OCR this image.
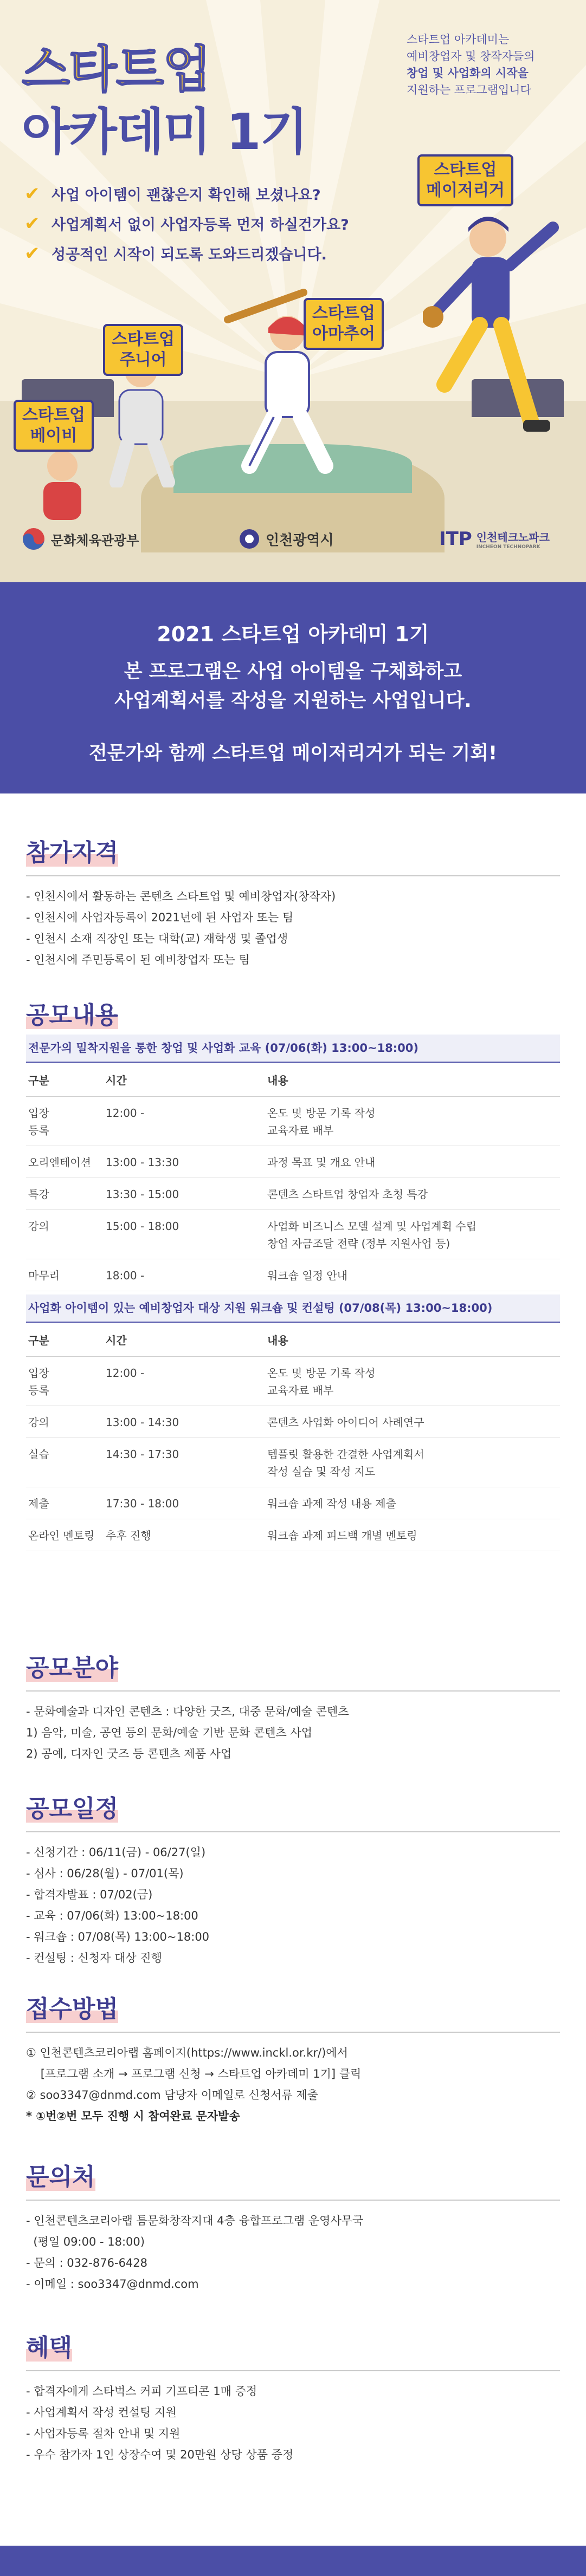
스타트업
아카데미 1기
스타트업 아카데미는
예비창업자 및 창작자들의
창업 및 사업화의 시작을
지원하는 프로그램입니다
✔ 사업 아이템이 괜찮은지 확인해 보셨나요?
✔ 사업계획서 없이 사업자등록 먼저 하실건가요?
✔ 성공적인 시작이 되도록 도와드리겠습니다.
스타트업
메이저리거
스타트업
아마추어
스타트업
주니어
스타트업
베이비
문화체육관광부	인천광역시	ITP 인천테크노파크
INCHEON TECHNOPARK
2021 스타트업 아카데미 1기
본 프로그램은 사업 아이템을 구체화하고
사업계획서를 작성을 지원하는 사업입니다.
전문가와 함께 스타트업 메이저리거가 되는 기회!
참가자격
- 인천시에서 활동하는 콘텐츠 스타트업 및 예비창업자(창작자)
- 인천시에 사업자등록이 2021년에 된 사업자 또는 팀
- 인천시 소재 직장인 또는 대학(교) 재학생 및 졸업생
- 인천시에 주민등록이 된 예비창업자 또는 팀
공모내용
전문가의 밀착지원을 통한 창업 및 사업화 교육 (07/06(화) 13:00~18:00)
구분	시간	내용
입장
등록	12:00 -	온도 및 방문 기록 작성
교육자료 배부
오리엔테이션	13:00 - 13:30	과정 목표 및 개요 안내
특강	13:30 - 15:00	콘텐츠 스타트업 창업자 초청 특강
강의	15:00 - 18:00	사업화 비즈니스 모델 설계 및 사업계획 수립
창업 자금조달 전략 (정부 지원사업 등)
마무리	18:00 -	워크숍 일정 안내
사업화 아이템이 있는 예비창업자 대상 지원 워크숍 및 컨설팅 (07/08(목) 13:00~18:00)
구분	시간	내용
입장
등록	12:00 -	온도 및 방문 기록 작성
교육자료 배부
강의	13:00 - 14:30	콘텐츠 사업화 아이디어 사례연구
실습	14:30 - 17:30	템플릿 활용한 간결한 사업계획서
작성 실습 및 작성 지도
제출	17:30 - 18:00	워크숍 과제 작성 내용 제출
온라인 멘토링	추후 진행	워크숍 과제 피드백 개별 멘토링
공모분야
- 문화예술과 디자인 콘텐츠 : 다양한 굿즈, 대중 문화/예술 콘텐츠
1) 음악, 미술, 공연 등의 문화/예술 기반 문화 콘텐츠 사업
2) 공예, 디자인 굿즈 등 콘텐츠 제품 사업
공모일정
- 신청기간 : 06/11(금) - 06/27(일)
- 심사 : 06/28(월) - 07/01(목)
- 합격자발표 : 07/02(금)
- 교육 : 07/06(화) 13:00~18:00
- 워크숍 : 07/08(목) 13:00~18:00
- 컨설팅 : 신청자 대상 진행
접수방법
① 인천콘텐츠코리아랩 홈페이지(https://www.inckl.or.kr/)에서
[프로그램 소개 → 프로그램 신청 → 스타트업 아카데미 1기] 클릭
② soo3347@dnmd.com 담당자 이메일로 신청서류 제출
* ①번②번 모두 진행 시 참여완료 문자발송
문의처
- 인천콘텐츠코리아랩 틈문화창작지대 4층 융합프로그램 운영사무국
(평일 09:00 - 18:00)
- 문의 : 032-876-6428
- 이메일 : soo3347@dnmd.com
혜택
- 합격자에게 스타벅스 커피 기프티콘 1매 증정
- 사업계획서 작성 컨설팅 지원
- 사업자등록 절차 안내 및 지원
- 우수 참가자 1인 상장수여 및 20만원 상당 상품 증정
